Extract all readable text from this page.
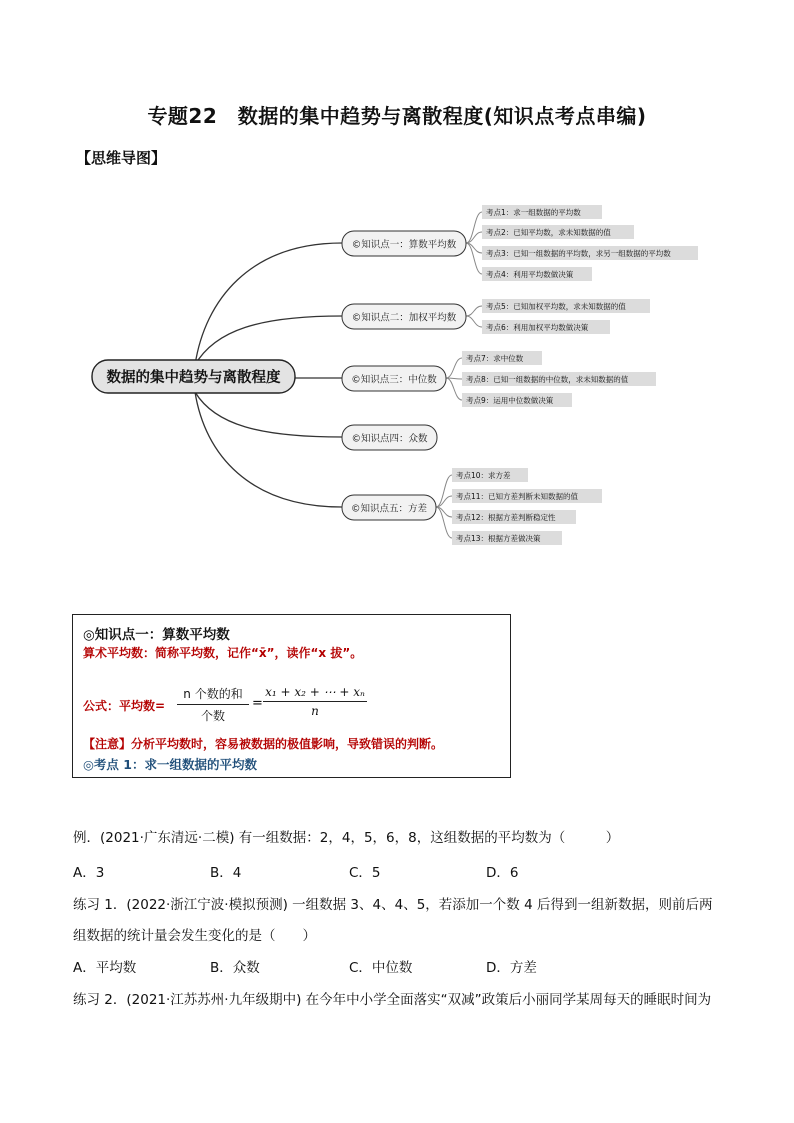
专题22　数据的集中趋势与离散程度(知识点考点串编)
【思维导图】
数据的集中趋势与离散程度
©知识点一：算数平均数
©知识点二：加权平均数
©知识点三：中位数
©知识点四：众数
©知识点五：方差
考点1：求一组数据的平均数
考点2：已知平均数，求未知数据的值
考点3：已知一组数据的平均数，求另一组数据的平均数
考点4：利用平均数做决策
考点5：已知加权平均数，求未知数据的值
考点6：利用加权平均数做决策
考点7：求中位数
考点8：已知一组数据的中位数，求未知数据的值
考点9：运用中位数做决策
考点10：求方差
考点11：已知方差判断未知数据的值
考点12：根据方差判断稳定性
考点13：根据方差做决策
◎知识点一：算数平均数
算术平均数：简称平均数，记作“x̄”，读作“x 拔”。
公式：平均数=
n 个数的和
个数
= $\frac{\text{x₁ + x₂ + ⋯ + xₙ}}{n}$
【注意】分析平均数时，容易被数据的极值影响，导致错误的判断。
◎考点 1：求一组数据的平均数
例．(2021·广东清远·二模) 有一组数据：2，4，5，6，8，这组数据的平均数为（　　　）
A．3	B．4	C．5	D．6
练习 1．(2022·浙江宁波·模拟预测) 一组数据 3、4、4、5，若添加一个数 4 后得到一组新数据，则前后两
组数据的统计量会发生变化的是（　　）
A．平均数	B．众数	C．中位数	D．方差
练习 2．(2021·江苏苏州·九年级期中) 在今年中小学全面落实“双减”政策后小丽同学某周每天的睡眠时间为
